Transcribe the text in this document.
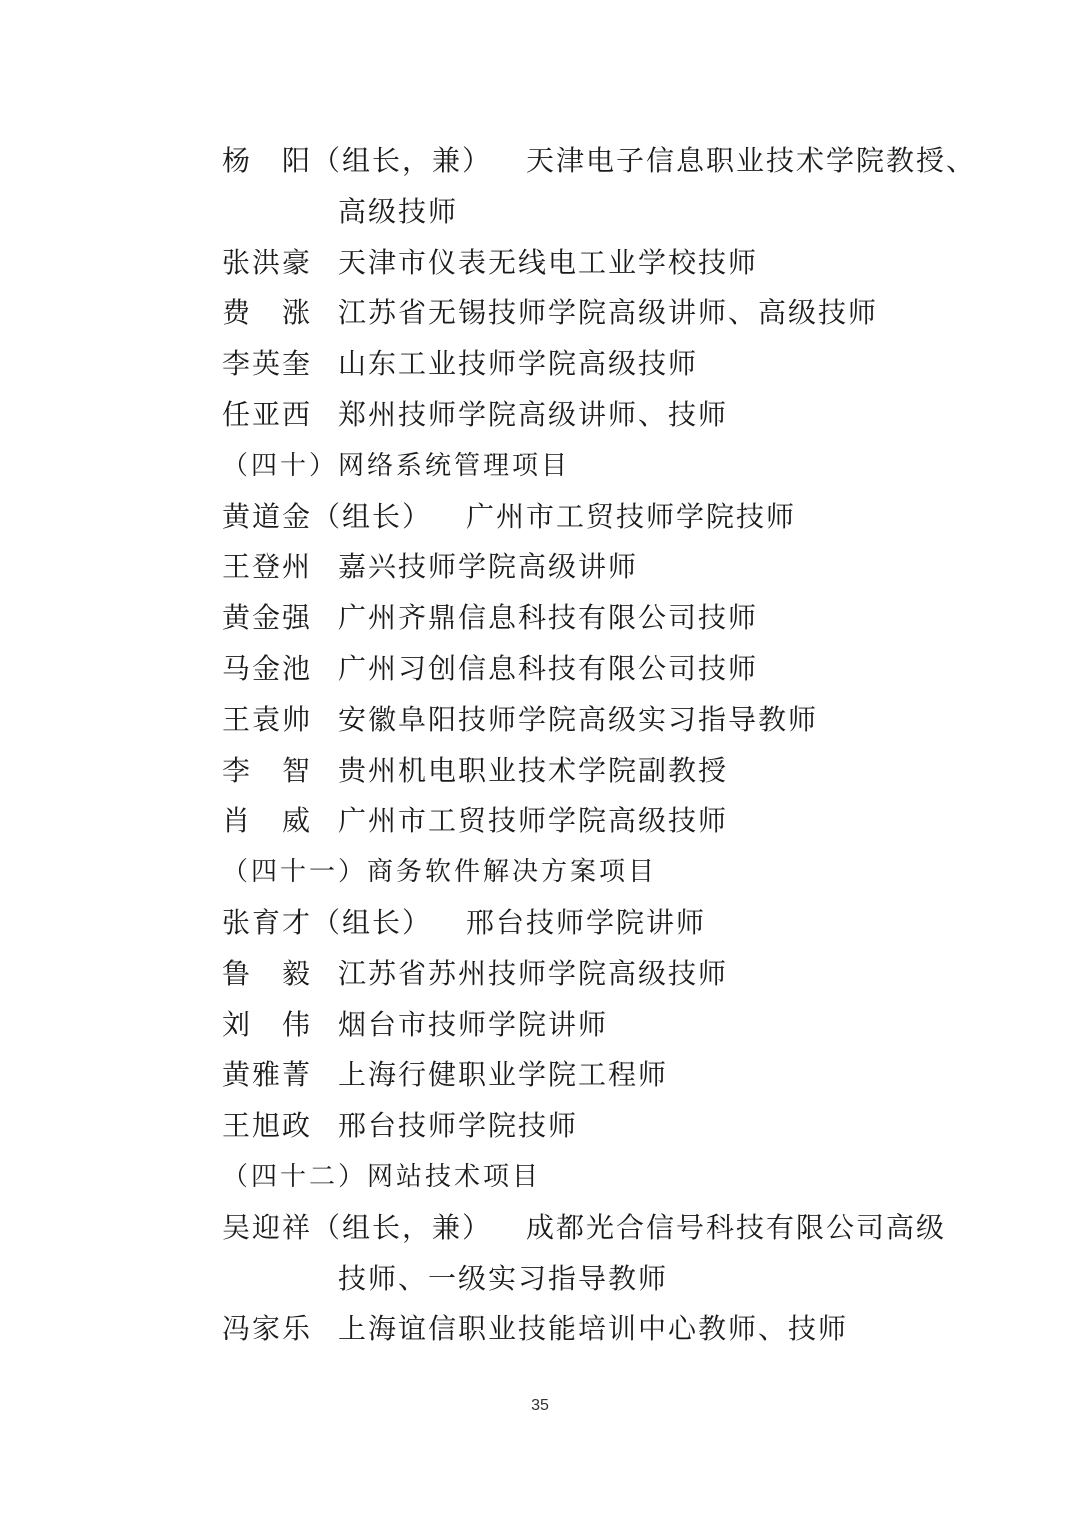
杨　阳（组长，兼） 天津电子信息职业技术学院教授、
高级技师
张洪豪 天津市仪表无线电工业学校技师
费　涨 江苏省无锡技师学院高级讲师、高级技师
李英奎 山东工业技师学院高级技师
任亚西 郑州技师学院高级讲师、技师
（四十）网络系统管理项目
黄道金（组长） 广州市工贸技师学院技师
王登州 嘉兴技师学院高级讲师
黄金强 广州齐鼎信息科技有限公司技师
马金池 广州习创信息科技有限公司技师
王袁帅 安徽阜阳技师学院高级实习指导教师
李　智 贵州机电职业技术学院副教授
肖　威 广州市工贸技师学院高级技师
（四十一）商务软件解决方案项目
张育才（组长） 邢台技师学院讲师
鲁　毅 江苏省苏州技师学院高级技师
刘　伟 烟台市技师学院讲师
黄雅菁 上海行健职业学院工程师
王旭政 邢台技师学院技师
（四十二）网站技术项目
吴迎祥（组长，兼） 成都光合信号科技有限公司高级
技师、一级实习指导教师
冯家乐 上海谊信职业技能培训中心教师、技师
35
